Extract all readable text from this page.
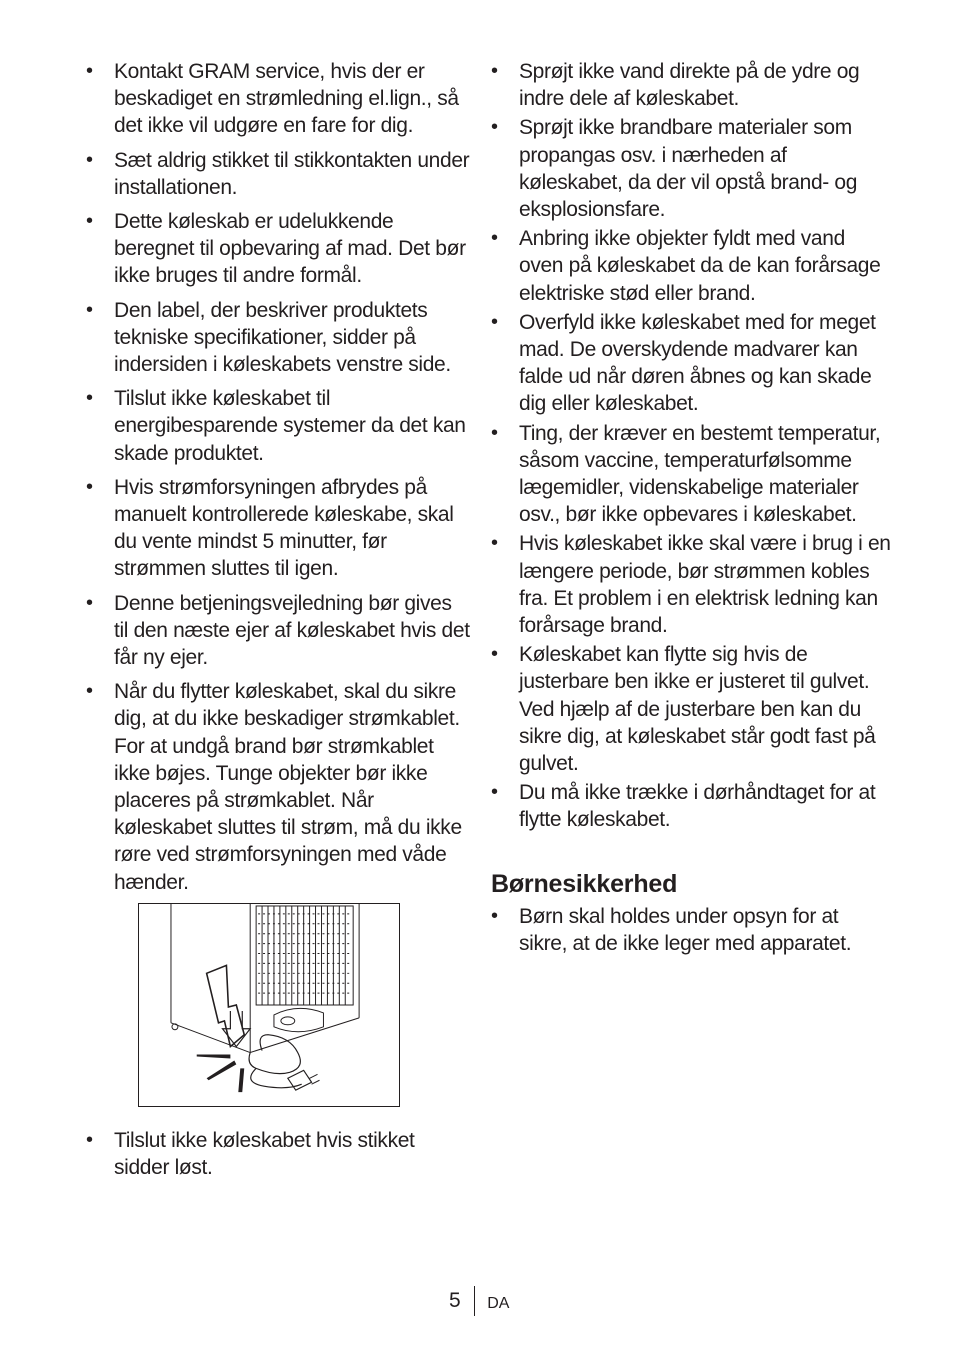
• Kontakt GRAM service, hvis der er beskadiget en strømledning el.lign., så det ikke vil udgøre en fare for dig.
• Sæt aldrig stikket til stikkontakten under installationen.
• Dette køleskab er udelukkende beregnet til opbevaring af mad. Det bør ikke bruges til andre formål.
• Den label, der beskriver produktets tekniske specifikationer, sidder på indersiden i køleskabets venstre side.
• Tilslut ikke køleskabet til energibesparende systemer da det kan skade produktet.
• Hvis strømforsyningen afbrydes på manuelt kontrollerede køleskabe, skal du vente mindst 5 minutter, før strømmen sluttes til igen.
• Denne betjeningsvejledning bør gives til den næste ejer af køleskabet hvis det får ny ejer.
• Når du flytter køleskabet, skal du sikre dig, at du ikke beskadiger strømkablet. For at undgå brand bør strømkablet ikke bøjes. Tunge objekter bør ikke placeres på strømkablet. Når køleskabet sluttes til strøm, må du ikke røre ved strømforsyningen med våde hænder.
• Tilslut ikke køleskabet hvis stikket sidder løst.
• Sprøjt ikke vand direkte på de ydre og indre dele af køleskabet.
• Sprøjt ikke brandbare materialer som propangas osv. i nærheden af køleskabet, da der vil opstå brand- og eksplosionsfare.
• Anbring ikke objekter fyldt med vand oven på køleskabet da de kan forårsage elektriske stød eller brand.
• Overfyld ikke køleskabet med for meget mad. De overskydende madvarer kan falde ud når døren åbnes og kan skade dig eller køleskabet.
• Ting, der kræver en bestemt temperatur, såsom vaccine, temperaturfølsomme lægemidler, videnskabelige materialer osv., bør ikke opbevares i køleskabet.
• Hvis køleskabet ikke skal være i brug i en længere periode, bør strømmen kobles fra. Et problem i en elektrisk ledning kan forårsage brand.
• Køleskabet kan flytte sig hvis de justerbare ben ikke er justeret til gulvet. Ved hjælp af de justerbare ben kan du sikre dig, at køleskabet står godt fast på gulvet.
• Du må ikke trække i dørhåndtaget for at flytte køleskabet.
Børnesikkerhed
• Børn skal holdes under opsyn for at sikre, at de ikke leger med apparatet.
5 DA
